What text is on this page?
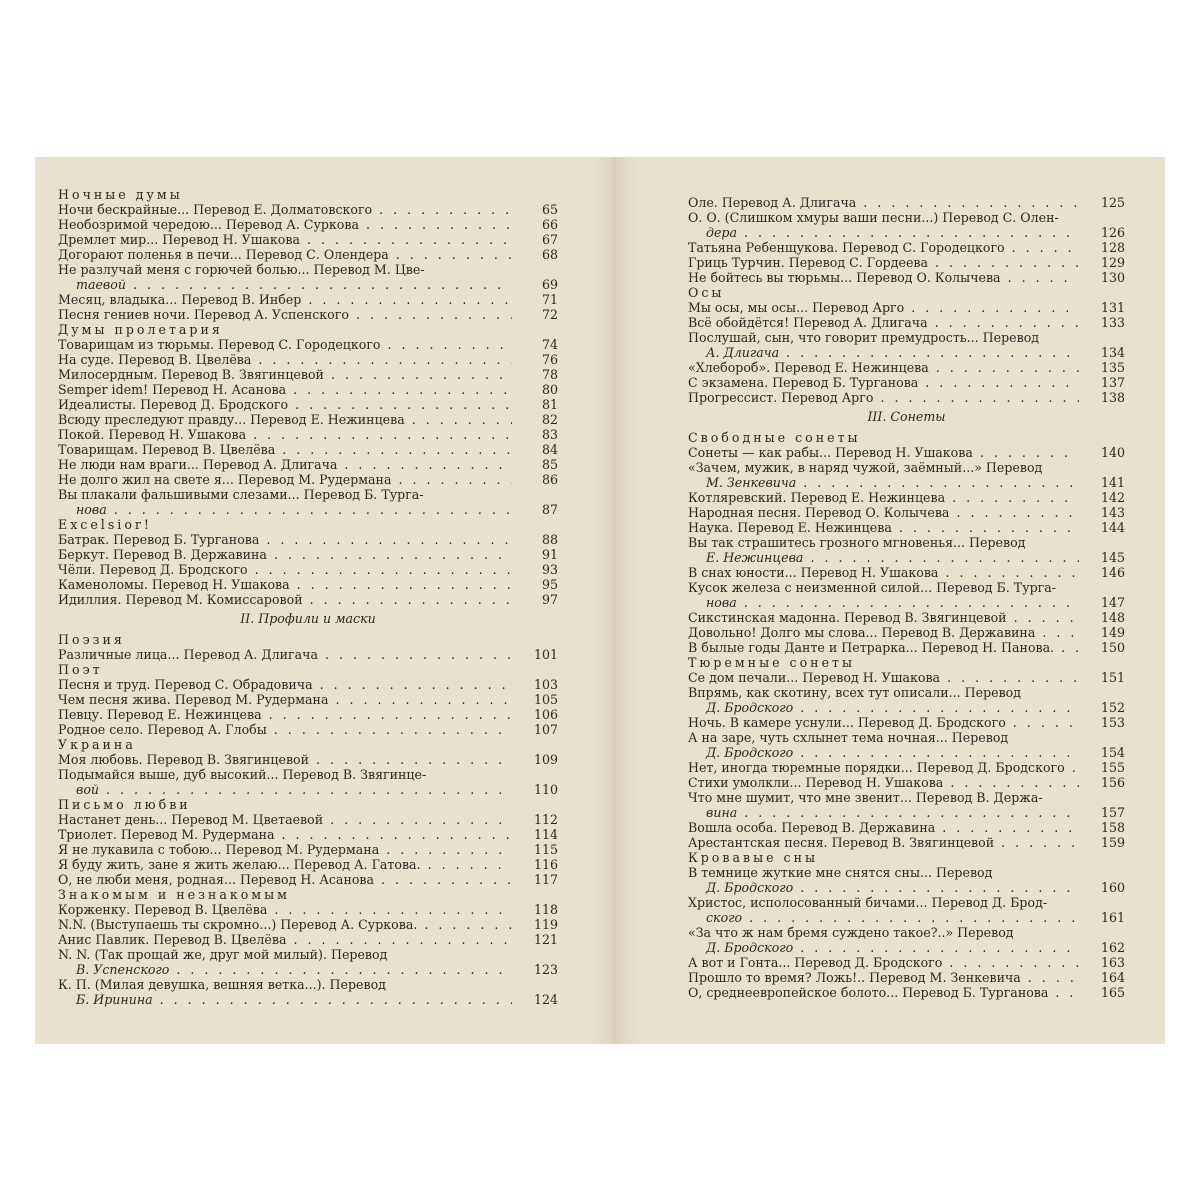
Ночные думы
Ночи бескрайные... Перевод Е. Долматовского . . .	65
Необозримой чередою... Перевод А. Суркова . . .	66
Дремлет мир... Перевод Н. Ушакова . . .	67
Догорают поленья в печи... Перевод С. Олендера . . .	68
Не разлучай меня с горючей болью... Перевод М. Цве-
таевой . . .	69
Месяц, владыка... Перевод В. Инбер . . .	71
Песня гениев ночи. Перевод А. Успенского . . .	72
Думы пролетария
Товарищам из тюрьмы. Перевод С. Городецкого . . .	74
На суде. Перевод В. Цвелёва . . .	76
Милосердным. Перевод В. Звягинцевой . . .	78
Semper idem! Перевод Н. Асанова . . .	80
Идеалисты. Перевод Д. Бродского . . .	81
Всюду преследуют правду... Перевод Е. Нежинцева . . .	82
Покой. Перевод Н. Ушакова . . .	83
Товарищам. Перевод В. Цвелёва . . .	84
Не люди нам враги... Перевод А. Длигача . . .	85
Не долго жил на свете я... Перевод М. Рудермана . . .	86
Вы плакали фальшивыми слезами... Перевод Б. Турга-
нова . . .	87
Excelsior!
Батрак. Перевод Б. Турганова . . .	88
Беркут. Перевод В. Державина . . .	91
Чёли. Перевод Д. Бродского . . .	93
Каменоломы. Перевод Н. Ушакова . . .	95
Идиллия. Перевод М. Комиссаровой . . .	97
II. Профили и маски
Поэзия
Различные лица... Перевод А. Длигача . . .	101
Поэт
Песня и труд. Перевод С. Обрадовича . . .	103
Чем песня жива. Перевод М. Рудермана . . .	105
Певцу. Перевод Е. Нежинцева . . .	106
Родное село. Перевод А. Глобы . . .	107
Украина
Моя любовь. Перевод В. Звягинцевой . . .	109
Подымайся выше, дуб высокий... Перевод В. Звягинце-
вой . . .	110
Письмо любви
Настанет день... Перевод М. Цветаевой . . .	112
Триолет. Перевод М. Рудермана . . .	114
Я не лукавила с тобою... Перевод М. Рудермана . . .	115
Я буду жить, зане я жить желаю... Перевод А. Гатова. . . .	116
О, не люби меня, родная... Перевод Н. Асанова . . .	117
Знакомым и незнакомым
Корженку. Перевод В. Цвелёва . . .	118
N.N. (Выступаешь ты скромно...) Перевод А. Суркова. . . .	119
Анис Павлик. Перевод В. Цвелёва . . .	121
N. N. (Так прощай же, друг мой милый). Перевод
В. Успенского . . .	123
К. П. (Милая девушка, вешняя ветка...). Перевод
Б. Иринина . . .	124
Оле. Перевод А. Длигача . . .	125
О. О. (Слишком хмуры ваши песни...) Перевод С. Олен-
дера . . .	126
Татьяна Ребенщукова. Перевод С. Городецкого . . .	128
Гриць Турчин. Перевод С. Гордеева . . .	129
Не бойтесь вы тюрьмы... Перевод О. Колычева . . .	130
Осы
Мы осы, мы осы... Перевод Арго . . .	131
Всё обойдётся! Перевод А. Длигача . . .	133
Послушай, сын, что говорит премудрость... Перевод
А. Длигача . . .	134
«Хлебороб». Перевод Е. Нежинцева . . .	135
С экзамена. Перевод Б. Турганова . . .	137
Прогрессист. Перевод Арго . . .	138
III. Сонеты
Свободные сонеты
Сонеты — как рабы... Перевод Н. Ушакова . . .	140
«Зачем, мужик, в наряд чужой, заёмный...» Перевод
М. Зенкевича . . .	141
Котляревский. Перевод Е. Нежинцева . . .	142
Народная песня. Перевод О. Колычева . . .	143
Наука. Перевод Е. Нежинцева . . .	144
Вы так страшитесь грозного мгновенья... Перевод
Е. Нежинцева . . .	145
В снах юности... Перевод Н. Ушакова . . .	146
Кусок железа с неизменной силой... Перевод Б. Турга-
нова . . .	147
Сикстинская мадонна. Перевод В. Звягинцевой . . .	148
Довольно! Долго мы слова... Перевод В. Державина . . .	149
В былые годы Данте и Петрарка... Перевод Н. Панова. . . .	150
Тюремные сонеты
Се дом печали... Перевод Н. Ушакова . . .	151
Впрямь, как скотину, всех тут описали... Перевод
Д. Бродского . . .	152
Ночь. В камере уснули... Перевод Д. Бродского . . .	153
А на заре, чуть схлынет тема ночная... Перевод
Д. Бродского . . .	154
Нет, иногда тюремные порядки... Перевод Д. Бродского . . .	155
Стихи умолкли... Перевод Н. Ушакова . . .	156
Что мне шумит, что мне звенит... Перевод В. Держа-
вина . . .	157
Вошла особа. Перевод В. Державина . . .	158
Арестантская песня. Перевод В. Звягинцевой . . .	159
Кровавые сны
В темнице жуткие мне снятся сны... Перевод
Д. Бродского . . .	160
Христос, исполосованный бичами... Перевод Д. Брод-
ского . . .	161
«За что ж нам бремя суждено такое?..» Перевод
Д. Бродского . . .	162
А вот и Гонта... Перевод Д. Бродского . . .	163
Прошло то время? Ложь!.. Перевод М. Зенкевича . . .	164
О, среднеевропейское болото... Перевод Б. Турганова . . .	165
